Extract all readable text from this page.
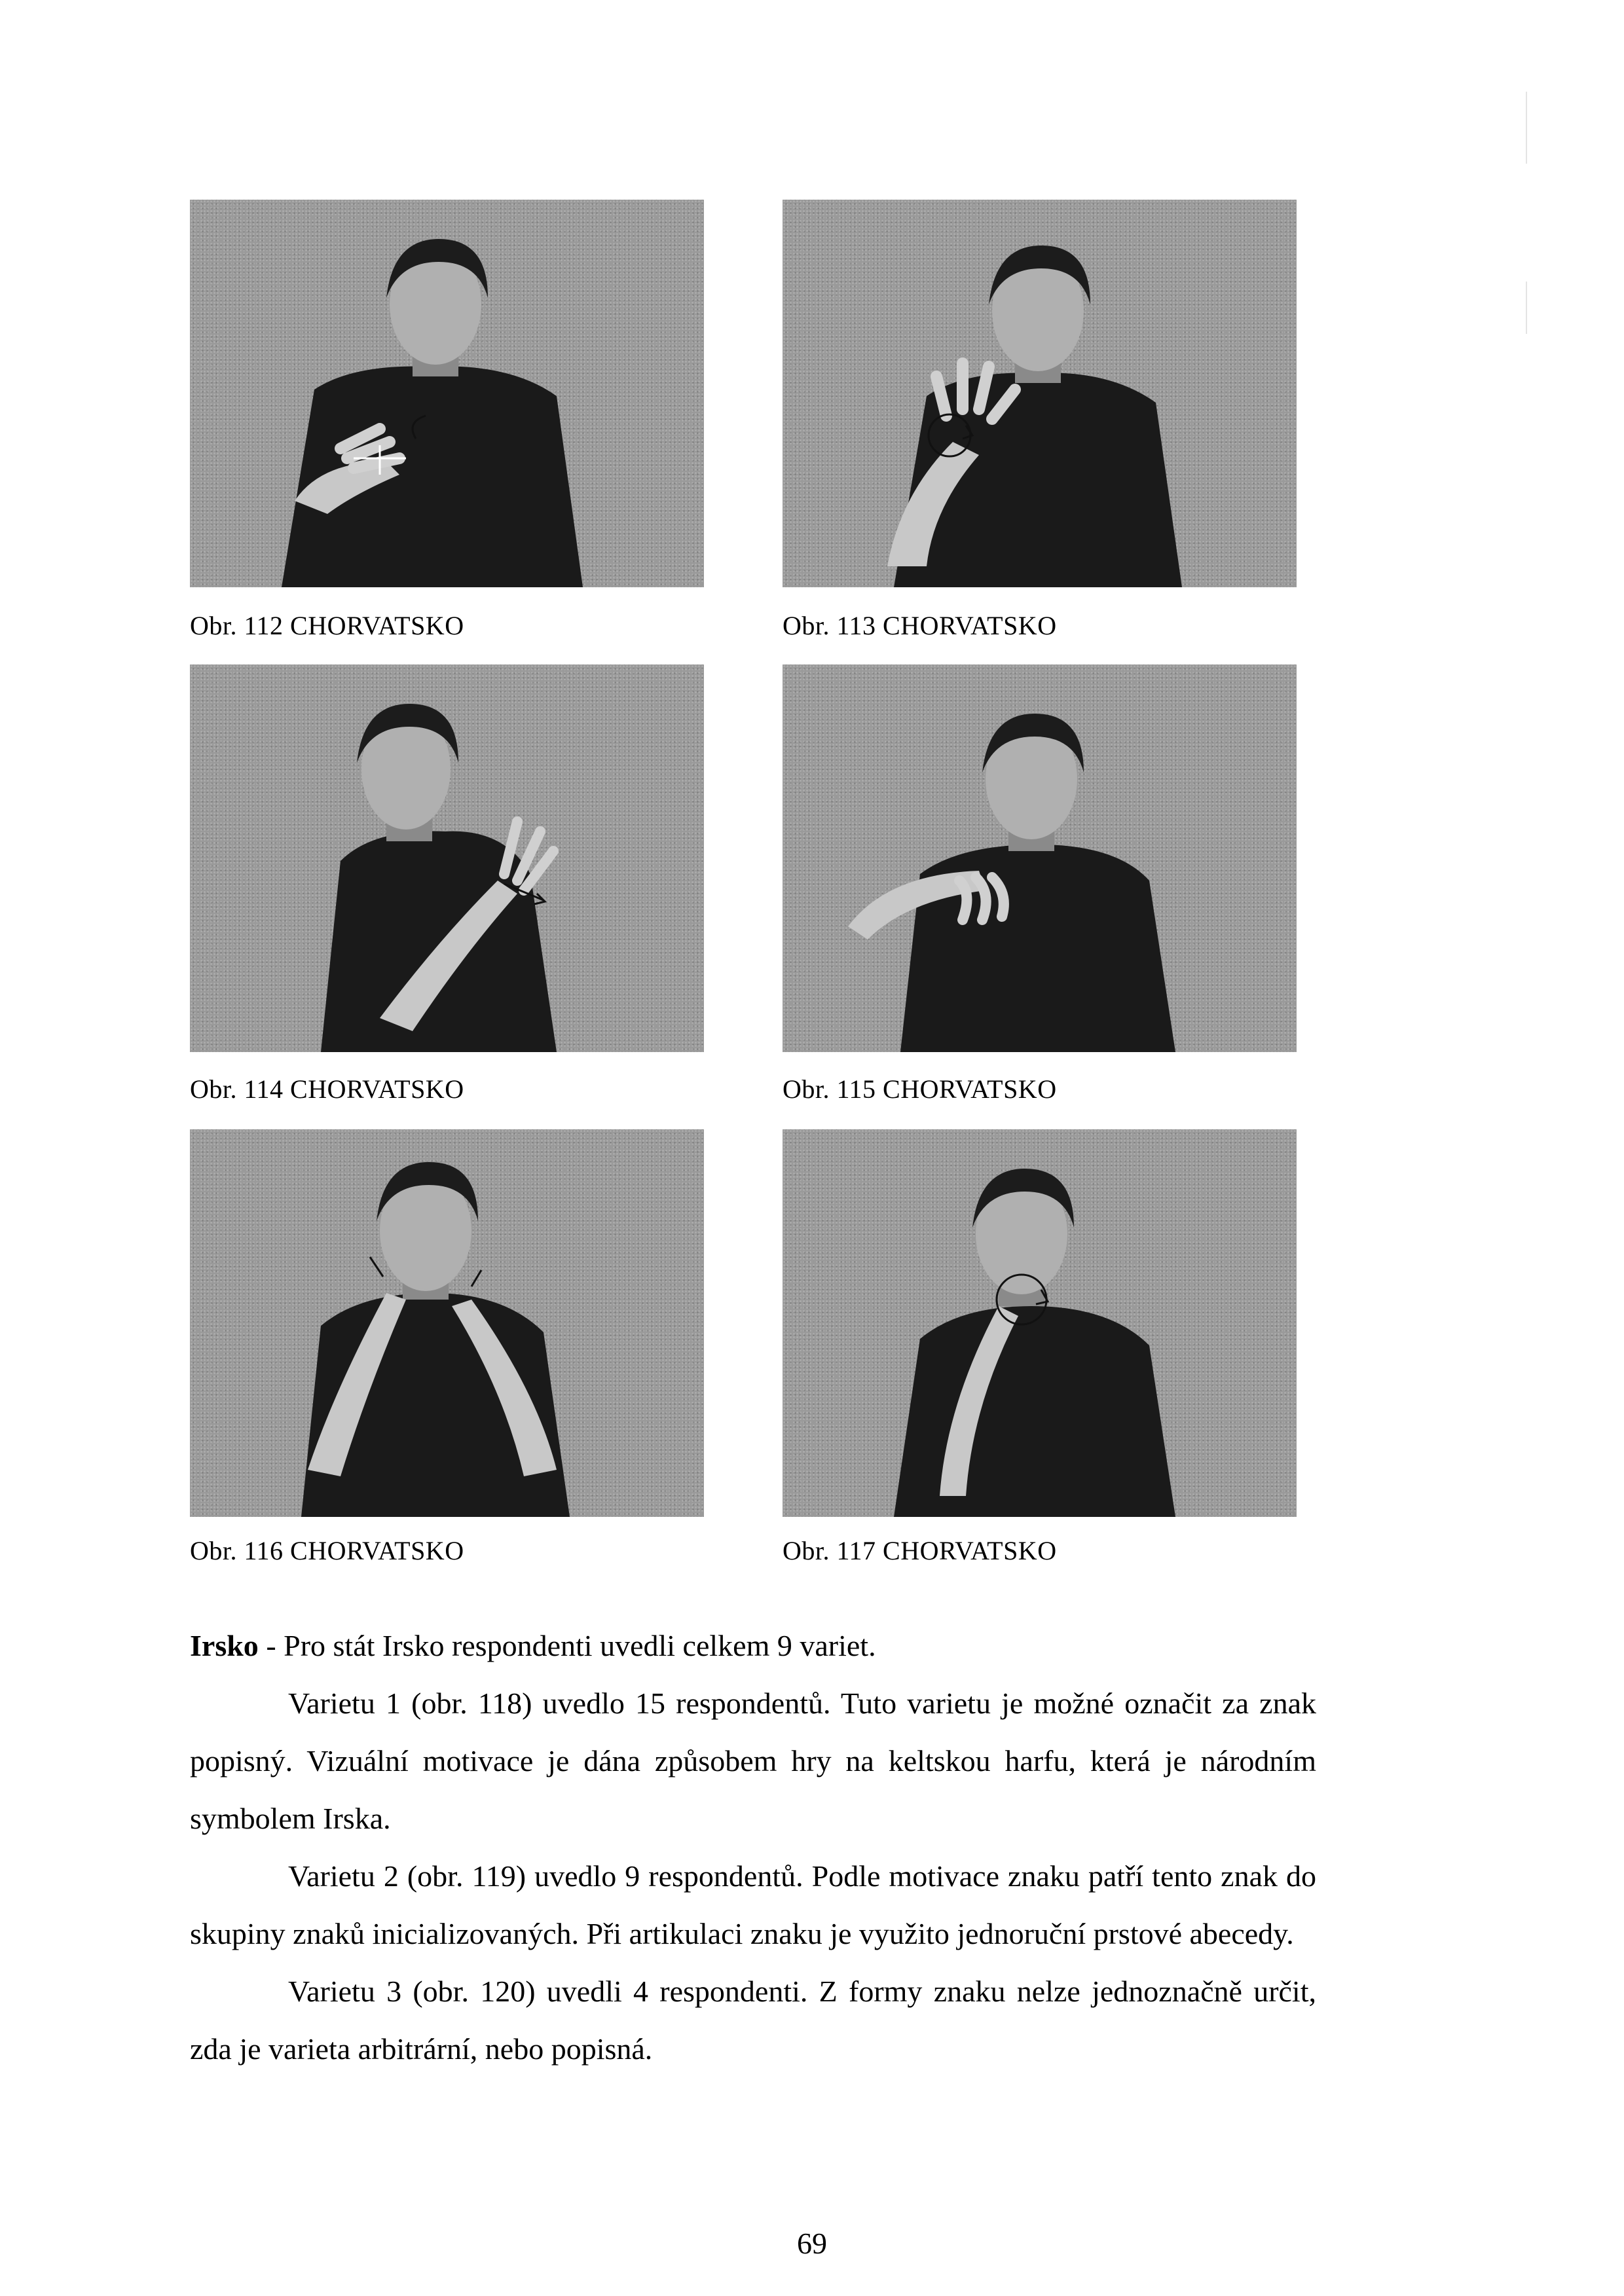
Obr. 112 CHORVATSKO	Obr. 113 CHORVATSKO
Obr. 114 CHORVATSKO	Obr. 115 CHORVATSKO
Obr. 116 CHORVATSKO	Obr. 117 CHORVATSKO

Irsko - Pro stát Irsko respondenti uvedli celkem 9 variet.

Varietu 1 (obr. 118) uvedlo 15 respondentů. Tuto varietu je možné označit za znak popisný. Vizuální motivace je dána způsobem hry na keltskou harfu, která je národním symbolem Irska.

Varietu 2 (obr. 119) uvedlo 9 respondentů. Podle motivace znaku patří tento znak do skupiny znaků inicializovaných. Při artikulaci znaku je využito jednoruční prstové abecedy.

Varietu 3 (obr. 120) uvedli 4 respondenti. Z formy znaku nelze jednoznačně určit, zda je varieta arbitrární, nebo popisná.

69
